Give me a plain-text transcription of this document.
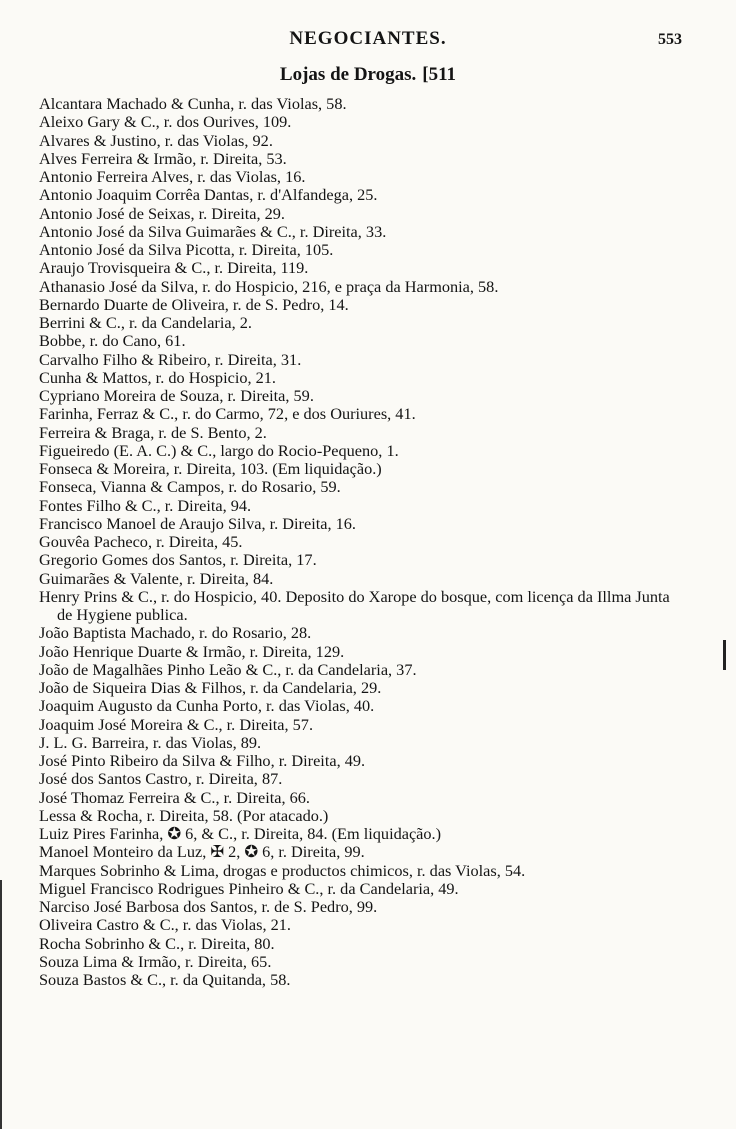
NEGOCIANTES.	553
Lojas de Drogas. [511
Alcantara Machado & Cunha, r. das Violas, 58.
Aleixo Gary & C., r. dos Ourives, 109.
Alvares & Justino, r. das Violas, 92.
Alves Ferreira & Irmão, r. Direita, 53.
Antonio Ferreira Alves, r. das Violas, 16.
Antonio Joaquim Corrêa Dantas, r. d'Alfandega, 25.
Antonio José de Seixas, r. Direita, 29.
Antonio José da Silva Guimarães & C., r. Direita, 33.
Antonio José da Silva Picotta, r. Direita, 105.
Araujo Trovisqueira & C., r. Direita, 119.
Athanasio José da Silva, r. do Hospicio, 216, e praça da Harmonia, 58.
Bernardo Duarte de Oliveira, r. de S. Pedro, 14.
Berrini & C., r. da Candelaria, 2.
Bobbe, r. do Cano, 61.
Carvalho Filho & Ribeiro, r. Direita, 31.
Cunha & Mattos, r. do Hospicio, 21.
Cypriano Moreira de Souza, r. Direita, 59.
Farinha, Ferraz & C., r. do Carmo, 72, e dos Ouriures, 41.
Ferreira & Braga, r. de S. Bento, 2.
Figueiredo (E. A. C.) & C., largo do Rocio-Pequeno, 1.
Fonseca & Moreira, r. Direita, 103. (Em liquidação.)
Fonseca, Vianna & Campos, r. do Rosario, 59.
Fontes Filho & C., r. Direita, 94.
Francisco Manoel de Araujo Silva, r. Direita, 16.
Gouvêa Pacheco, r. Direita, 45.
Gregorio Gomes dos Santos, r. Direita, 17.
Guimarães & Valente, r. Direita, 84.
Henry Prins & C., r. do Hospicio, 40. Deposito do Xarope do bosque, com licença da Illma Junta de Hygiene publica.
João Baptista Machado, r. do Rosario, 28.
João Henrique Duarte & Irmão, r. Direita, 129.
João de Magalhães Pinho Leão & C., r. da Candelaria, 37.
João de Siqueira Dias & Filhos, r. da Candelaria, 29.
Joaquim Augusto da Cunha Porto, r. das Violas, 40.
Joaquim José Moreira & C., r. Direita, 57.
J. L. G. Barreira, r. das Violas, 89.
José Pinto Ribeiro da Silva & Filho, r. Direita, 49.
José dos Santos Castro, r. Direita, 87.
José Thomaz Ferreira & C., r. Direita, 66.
Lessa & Rocha, r. Direita, 58. (Por atacado.)
Luiz Pires Farinha, ✪ 6, & C., r. Direita, 84. (Em liquidação.)
Manoel Monteiro da Luz, ✠ 2, ✪ 6, r. Direita, 99.
Marques Sobrinho & Lima, drogas e productos chimicos, r. das Violas, 54.
Miguel Francisco Rodrigues Pinheiro & C., r. da Candelaria, 49.
Narciso José Barbosa dos Santos, r. de S. Pedro, 99.
Oliveira Castro & C., r. das Violas, 21.
Rocha Sobrinho & C., r. Direita, 80.
Souza Lima & Irmão, r. Direita, 65.
Souza Bastos & C., r. da Quitanda, 58.
